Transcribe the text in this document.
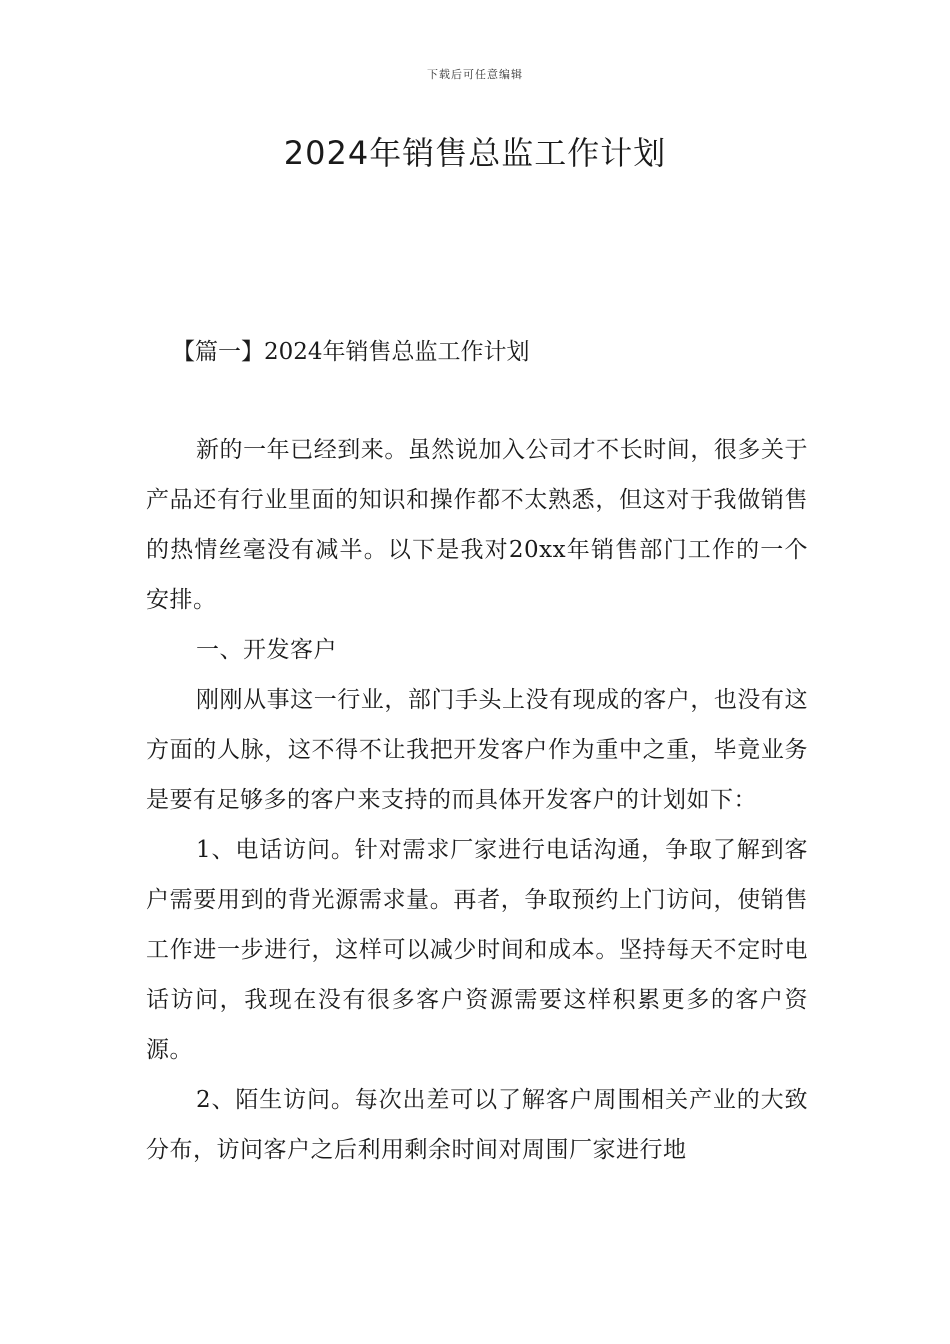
下载后可任意编辑
2024年销售总监工作计划
【篇一】2024年销售总监工作计划

新的一年已经到来。虽然说加入公司才不长时间，很多关于产品还有行业里面的知识和操作都不太熟悉，但这对于我做销售的热情丝毫没有减半。以下是我对20xx年销售部门工作的一个安排。

一、开发客户

刚刚从事这一行业，部门手头上没有现成的客户，也没有这方面的人脉，这不得不让我把开发客户作为重中之重，毕竟业务是要有足够多的客户来支持的而具体开发客户的计划如下：

1、电话访问。针对需求厂家进行电话沟通，争取了解到客户需要用到的背光源需求量。再者，争取预约上门访问，使销售工作进一步进行，这样可以减少时间和成本。坚持每天不定时电话访问，我现在没有很多客户资源需要这样积累更多的客户资源。

2、陌生访问。每次出差可以了解客户周围相关产业的大致分布，访问客户之后利用剩余时间对周围厂家进行地
